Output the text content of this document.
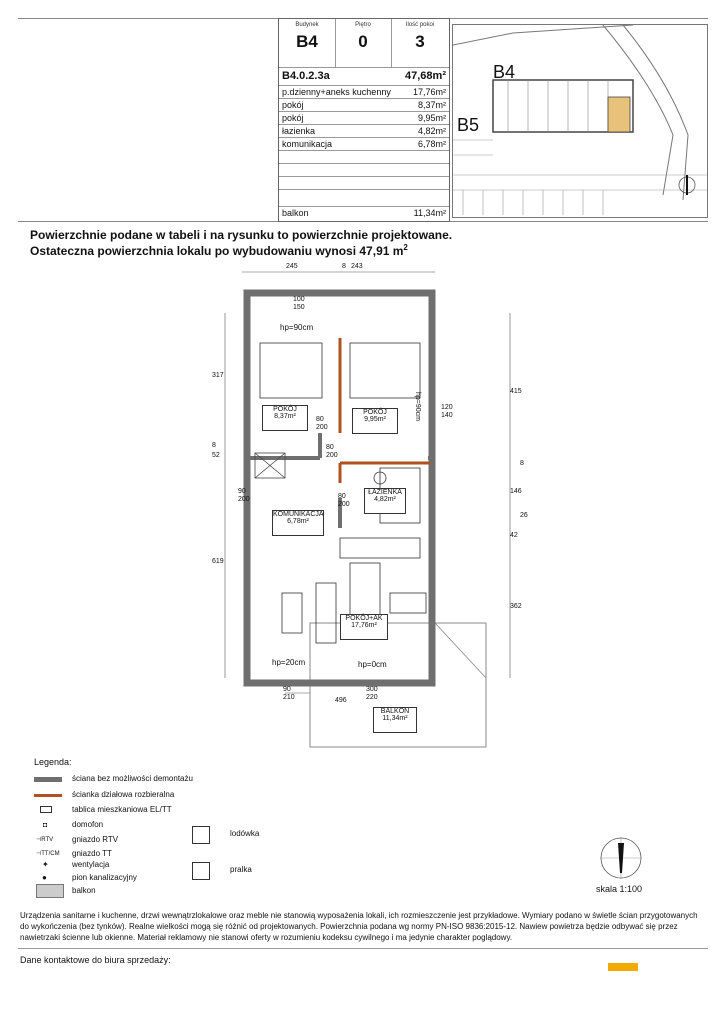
Budynek
B4
Piętro
0
Ilość pokoi
3
B4.0.2.3a	47,68m²
p.dzienny+aneks kuchenny 17,76m²
pokój	8,37m²
pokój	9,95m²
łazienka	4,82m²
komunikacja	6,78m²
balkon	11,34m²
B4
B5
Powierzchnie podane w tabeli i na rysunku to powierzchnie projektowane.
Ostateczna powierzchnia lokalu po wybudowaniu wynosi 47,91 $m^2$
245	8 243
317
8
52
619
415
8
146
42
26
362
496
hp=90cm
hp=20cm	hp=0cm
hp=90cm
80
200
80
200
80
200
90
200
120
140
100
150
90
210
300
220
POKÓJ
8,37m²
POKÓJ
9,95m²
ŁAZIENKA
4,82m²
KOMUNIKACJA
6,78m²
POKÓJ+AK
17,76m²
BALKON
11,34m²
Legenda:
ściana bez możliwości demontażu
ścianka działowa rozbieralna
tablica mieszkaniowa EL/TT
◘	domofon
⊣RTV gniazdo RTV
⊣TT/CM gniazdo TT
✦	wentylacja
●	pion kanalizacyjny
balkon
lodówka
pralka
skala 1:100
Urządzenia sanitarne i kuchenne, drzwi wewnątrzlokalowe oraz meble nie stanowią wyposażenia lokali, ich rozmieszczenie jest przykładowe. Wymiary podano w świetle ścian przygotowanych do wykończenia (bez tynków). Realne wielkości mogą się różnić od projektowanych. Powierzchnia podana wg normy PN-ISO 9836:2015-12. Nawiew powietrza będzie odbywać się przez nawietrzaki ścienne lub okienne. Materiał reklamowy nie stanowi oferty w rozumieniu kodeksu cywilnego i ma jedynie charakter poglądowy.
Dane kontaktowe do biura sprzedaży:
